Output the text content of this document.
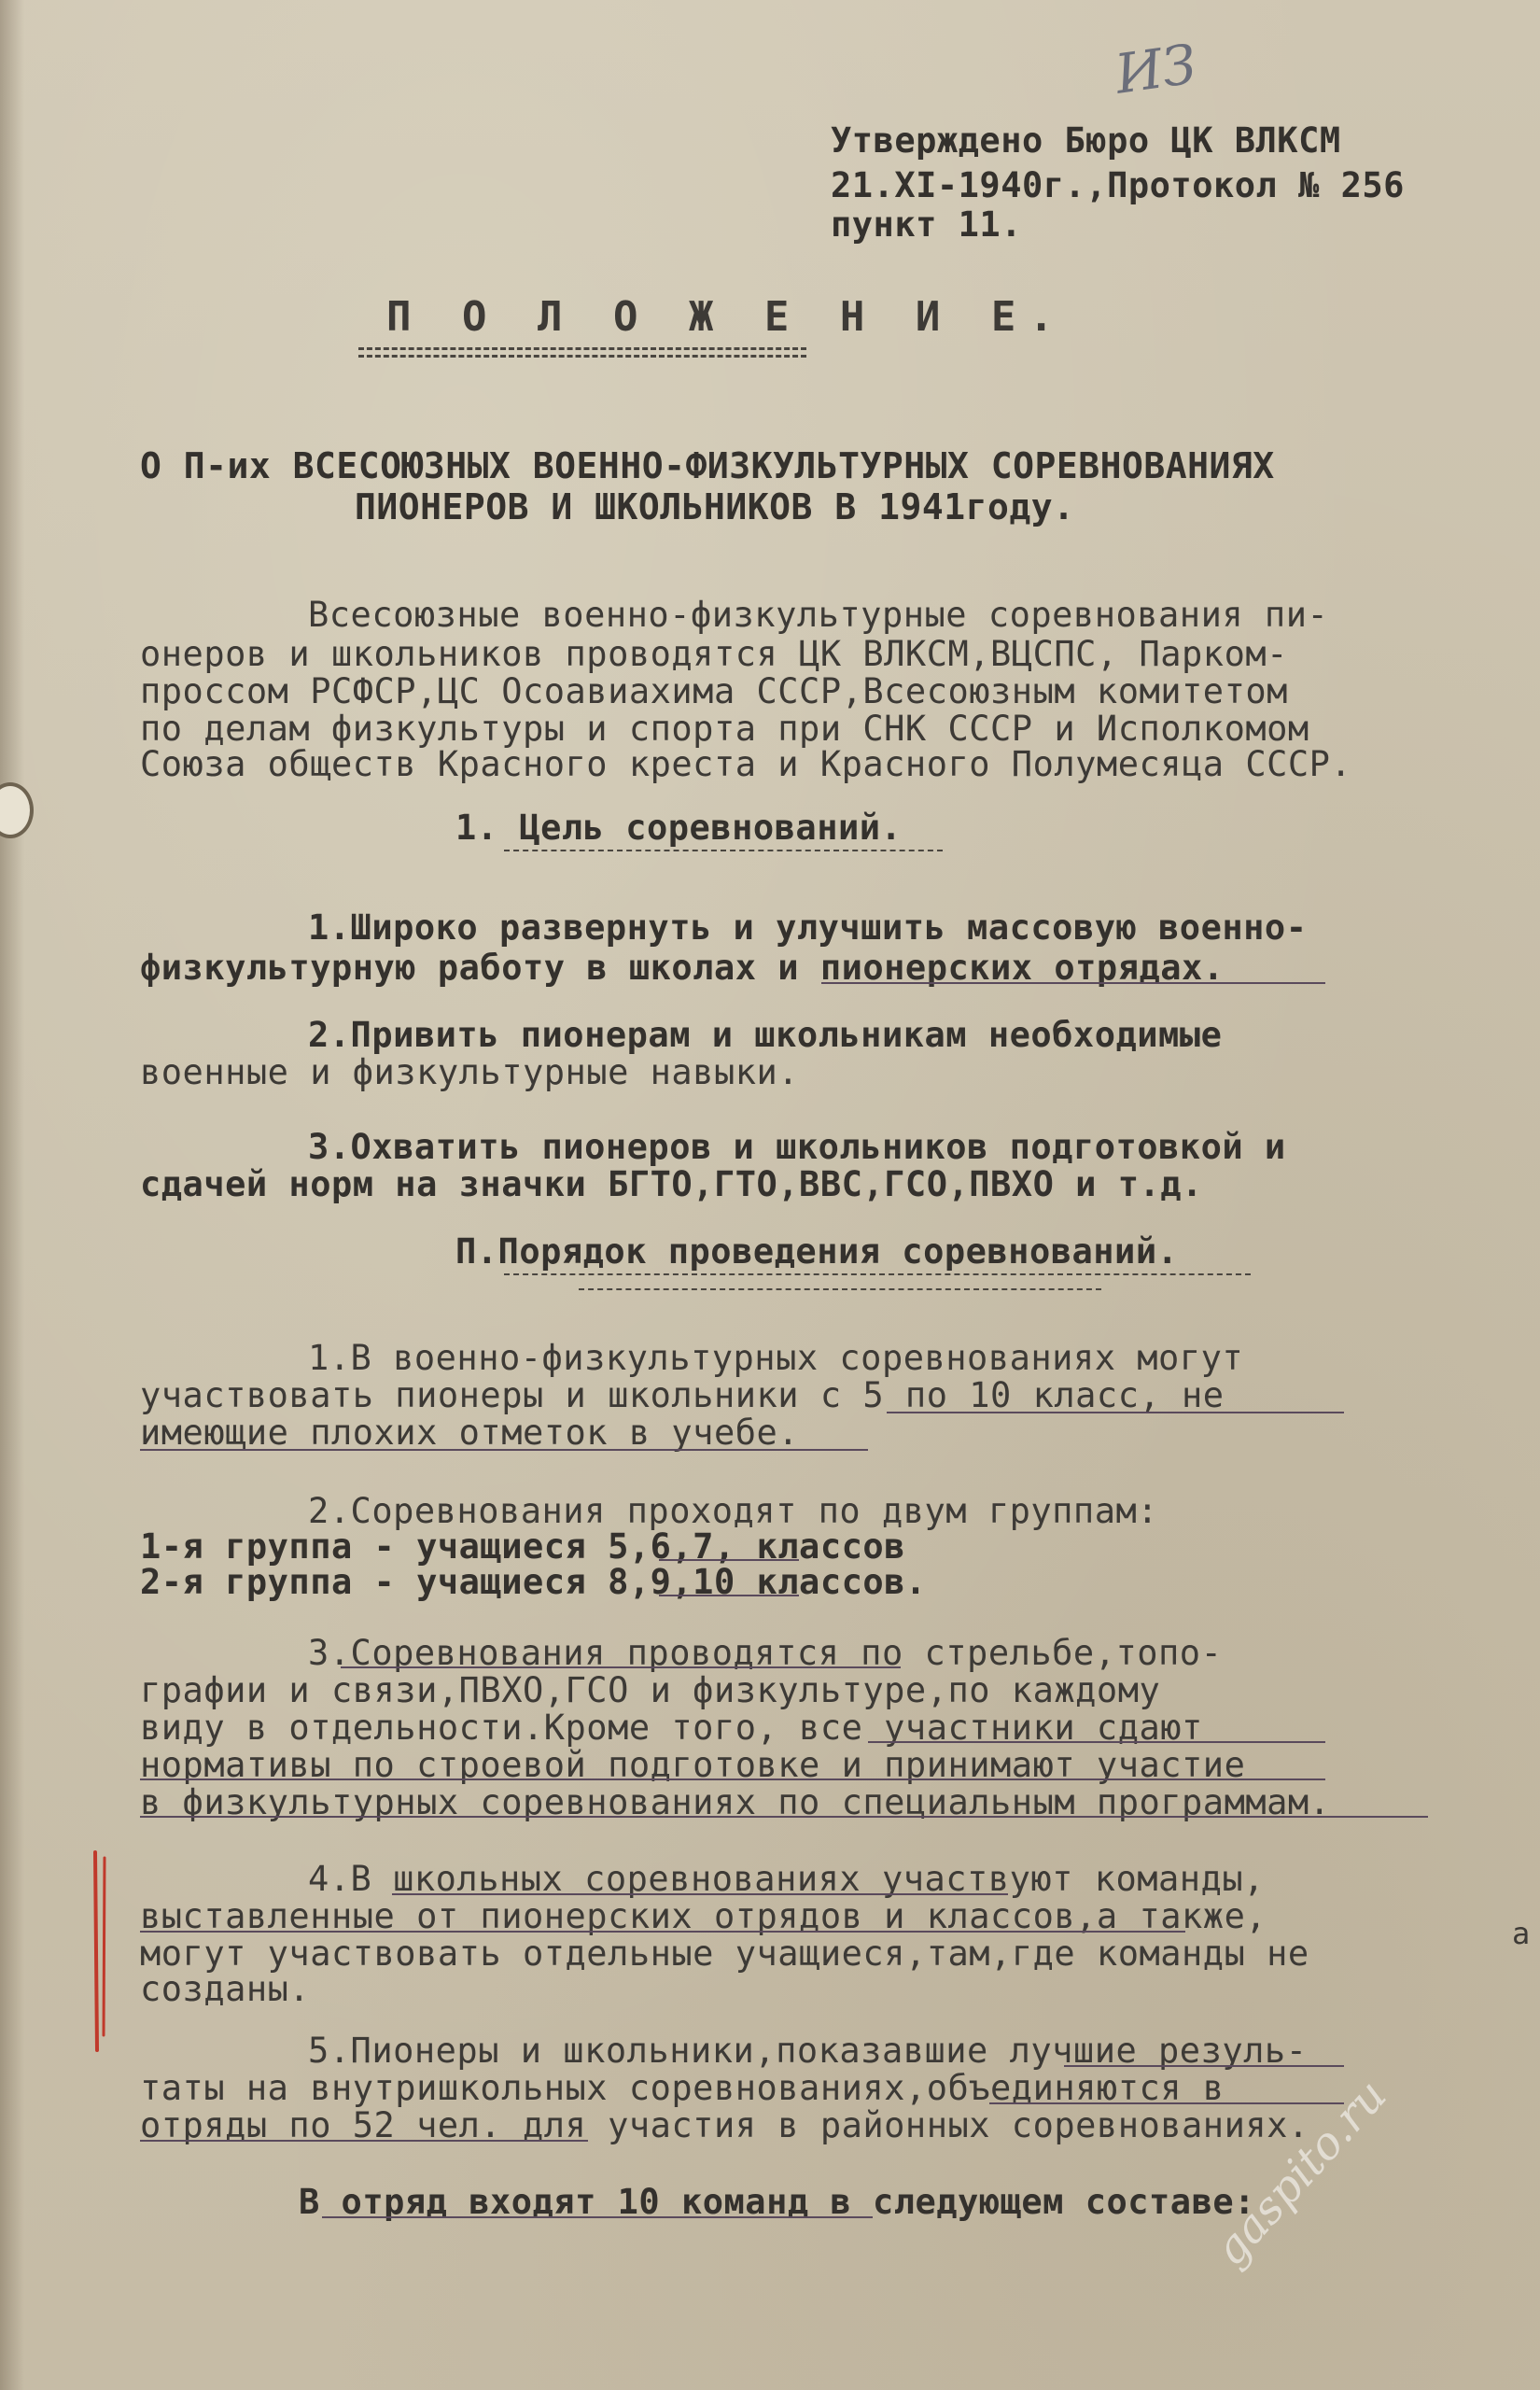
ИЗ
Утверждено Бюро ЦК ВЛКСМ
21.XI-1940г.,Протокол № 256
пункт 11.
П О Л О Ж Е Н И Е.
О П-их ВСЕСОЮЗНЫХ ВОЕННО-ФИЗКУЛЬТУРНЫХ СОРЕВНОВАНИЯХ
ПИОНЕРОВ И ШКОЛЬНИКОВ В 1941году.
Всесоюзные военно-физкультурные соревнования пи-
онеров и школьников проводятся ЦК ВЛКСМ,ВЦСПС, Парком-
проссом РСФСР,ЦС Осоавиахима СССР,Всесоюзным комитетом
по делам физкультуры и спорта при СНК СССР и Исполкомом
Союза обществ Красного креста и Красного Полумесяца СССР.
1. Цель соревнований.
1.Широко развернуть и улучшить массовую военно-
физкультурную работу в школах и пионерских отрядах.
2.Привить пионерам и школьникам необходимые
военные и физкультурные навыки.
3.Охватить пионеров и школьников подготовкой и
сдачей норм на значки БГТО,ГТО,ВВС,ГСО,ПВХО и т.д.
П.Порядок проведения соревнований.
1.В военно-физкультурных соревнованиях могут
участвовать пионеры и школьники с 5 по 10 класс, не
имеющие плохих отметок в учебе.
2.Соревнования проходят по двум группам:
1-я группа - учащиеся 5,6,7, классов
2-я группа - учащиеся 8,9,10 классов.
3.Соревнования проводятся по стрельбе,топо-
графии и связи,ПВХО,ГСО и физкультуре,по каждому
виду в отдельности.Кроме того, все участники сдают
нормативы по строевой подготовке и принимают участие
в физкультурных соревнованиях по специальным программам.
4.В школьных соревнованиях участвуют команды,
выставленные от пионерских отрядов и классов,а также,
могут участвовать отдельные учащиеся,там,где команды не
созданы.
5.Пионеры и школьники,показавшие лучшие резуль-
таты на внутришкольных соревнованиях,объединяются в
отряды по 52 чел. для участия в районных соревнованиях.
В отряд входят 10 команд в следующем составе:
а
gaspito.ru
